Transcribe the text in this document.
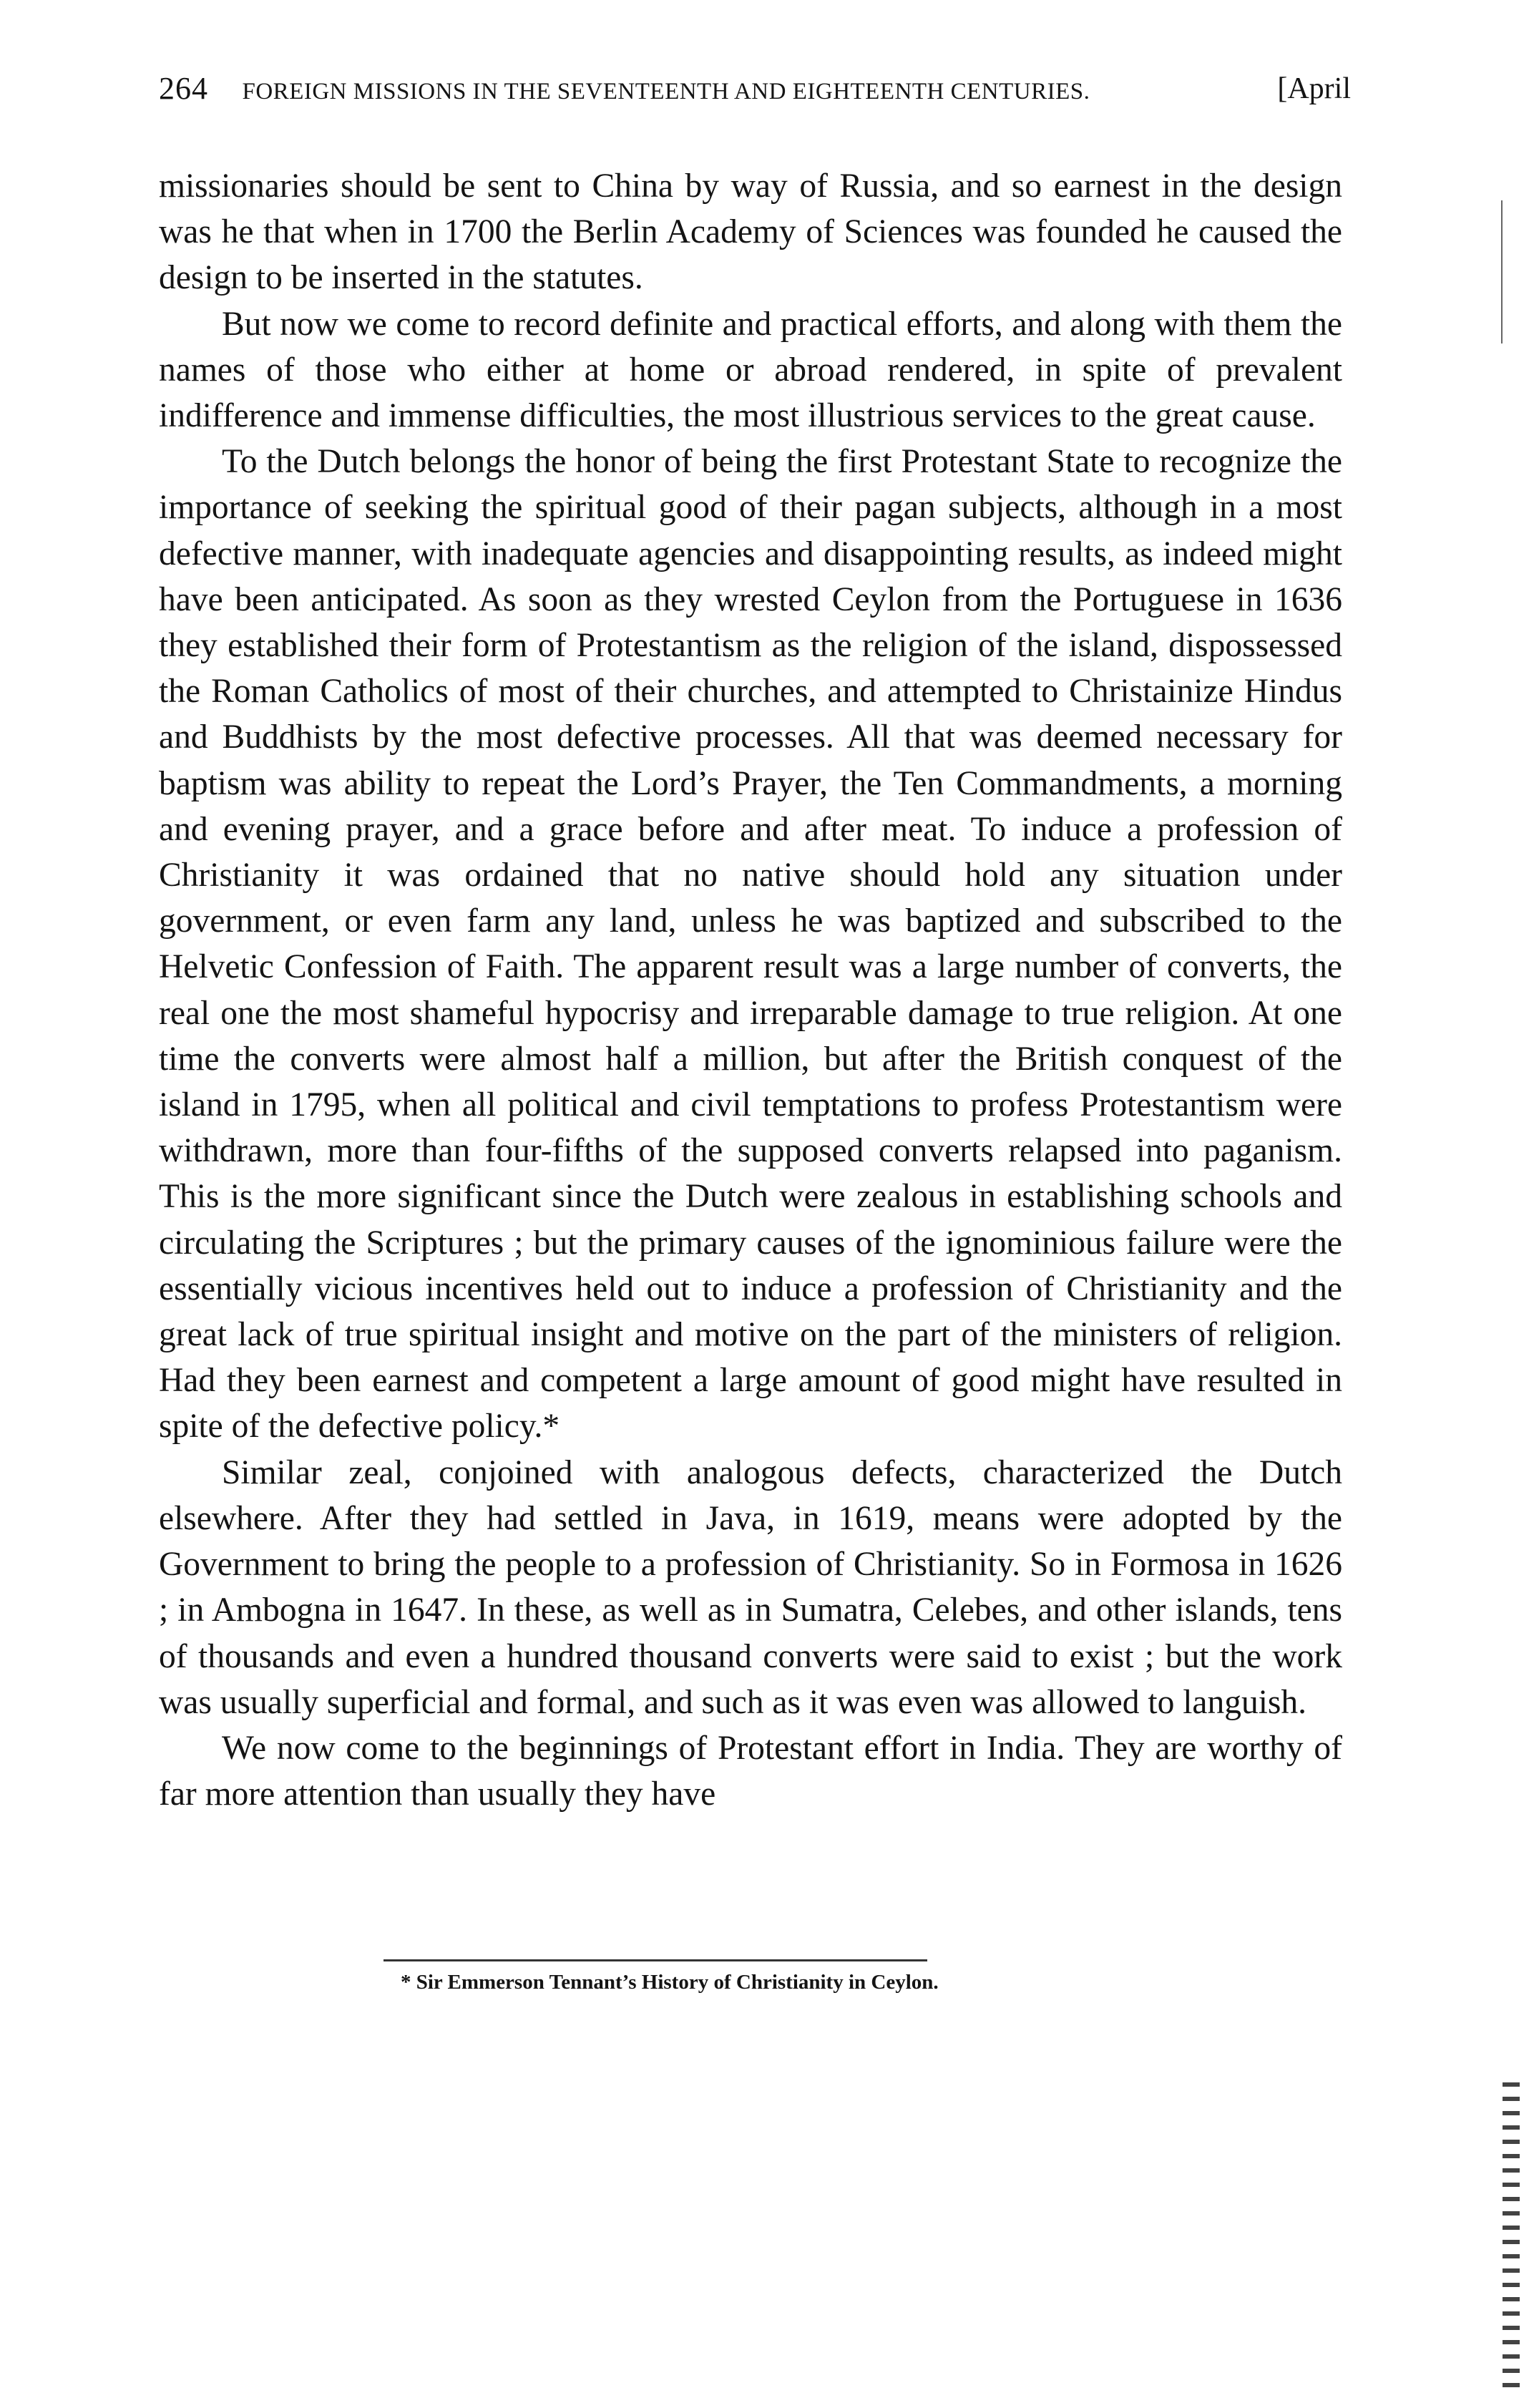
264 FOREIGN MISSIONS IN THE SEVENTEENTH AND EIGHTEENTH CENTURIES.	[April

missionaries should be sent to China by way of Russia, and so earnest in the design was he that when in 1700 the Berlin Academy of Sciences was founded he caused the design to be inserted in the statutes.

But now we come to record definite and practical efforts, and along with them the names of those who either at home or abroad rendered, in spite of prevalent indifference and immense difficulties, the most illustrious services to the great cause.

To the Dutch belongs the honor of being the first Protestant State to recognize the importance of seeking the spiritual good of their pagan subjects, although in a most defective manner, with inadequate agencies and disappointing results, as indeed might have been anticipated. As soon as they wrested Ceylon from the Portuguese in 1636 they established their form of Protestantism as the religion of the island, dispossessed the Roman Catholics of most of their churches, and attempted to Christainize Hindus and Buddhists by the most defective processes. All that was deemed necessary for baptism was ability to repeat the Lord’s Prayer, the Ten Commandments, a morning and evening prayer, and a grace before and after meat. To induce a profession of Christianity it was ordained that no native should hold any situation under government, or even farm any land, unless he was baptized and subscribed to the Helvetic Confession of Faith. The apparent result was a large number of converts, the real one the most shameful hypocrisy and irreparable damage to true religion. At one time the converts were almost half a million, but after the British conquest of the island in 1795, when all political and civil temptations to profess Protestantism were withdrawn, more than four-fifths of the supposed converts relapsed into paganism. This is the more significant since the Dutch were zealous in establishing schools and circulating the Scriptures ; but the primary causes of the ignominious failure were the essentially vicious incentives held out to induce a profession of Christianity and the great lack of true spiritual insight and motive on the part of the ministers of religion. Had they been earnest and competent a large amount of good might have resulted in spite of the defective policy.*

Similar zeal, conjoined with analogous defects, characterized the Dutch elsewhere. After they had settled in Java, in 1619, means were adopted by the Government to bring the people to a profession of Christianity. So in Formosa in 1626 ; in Ambogna in 1647. In these, as well as in Sumatra, Celebes, and other islands, tens of thousands and even a hundred thousand converts were said to exist ; but the work was usually superficial and formal, and such as it was even was allowed to languish.

We now come to the beginnings of Protestant effort in India. They are worthy of far more attention than usually they have

* Sir Emmerson Tennant’s History of Christianity in Ceylon.
